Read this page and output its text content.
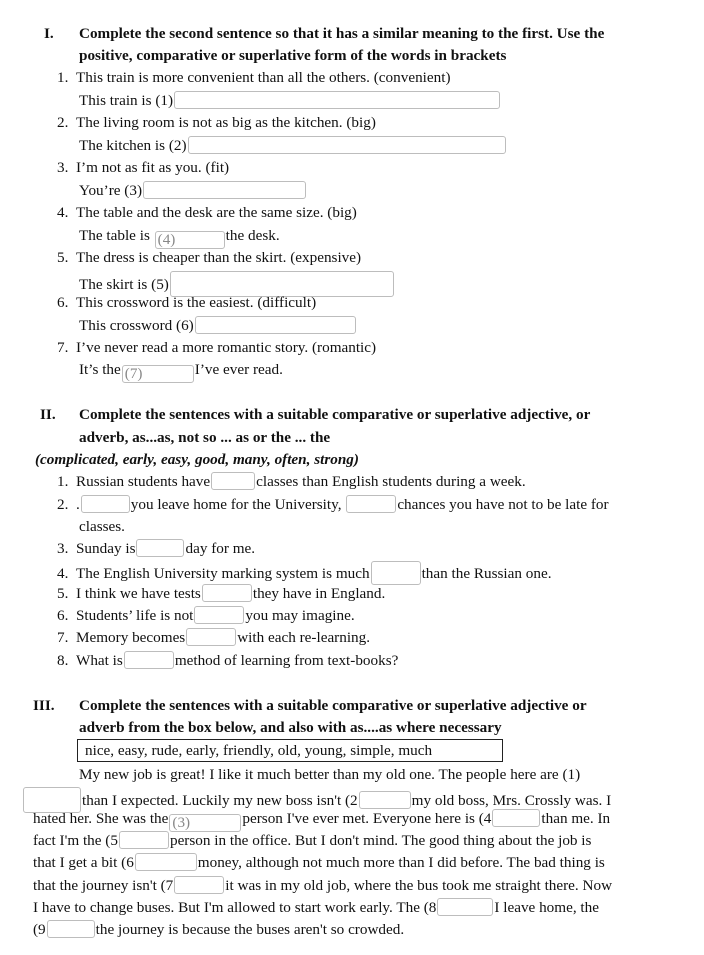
I. Complete the second sentence so that it has a similar meaning to the first. Use the
positive, comparative or superlative form of the words in brackets
1. This train is more convenient than all the others. (convenient)
This train is (1)
2. The living room is not as big as the kitchen. (big)
The kitchen is (2)
3. I’m not as fit as you. (fit)
You’re (3)
4. The table and the desk are the same size. (big)
The table is (4)	the desk.
5. The dress is cheaper than the skirt. (expensive)
The skirt is (5)
6. This crossword is the easiest. (difficult)
This crossword (6)
7. I’ve never read a more romantic story. (romantic)
It’s the (7)	I’ve ever read.
II. Complete the sentences with a suitable comparative or superlative adjective, or
adverb, as...as, not so ... as or the ... the
(complicated, early, easy, good, many, often, strong)
1. Russian students have	classes than English students during a week.
2. .	you leave home for the University,	chances you have not to be late for
classes.
3. Sunday is	day for me.
4. The English University marking system is much	than the Russian one.
5. I think we have tests	they have in England.
6. Students’ life is not	you may imagine.
7. Memory becomes	with each re-learning.
8. What is	method of learning from text-books?
III. Complete the sentences with a suitable comparative or superlative adjective or
adverb from the box below, and also with as....as where necessary
nice, easy, rude, early, friendly, old, young, simple, much
My new job is great! I like it much better than my old one. The people here are (1)
than I expected. Luckily my new boss isn't (2	my old boss, Mrs. Crossly was. I
hated her. She was the (3)	person I've ever met. Everyone here is (4	than me. In
fact I'm the (5	person in the office. But I don't mind. The good thing about the job is
that I get a bit (6	money, although not much more than I did before. The bad thing is
that the journey isn't (7	it was in my old job, where the bus took me straight there. Now
I have to change buses. But I'm allowed to start work early. The (8	I leave home, the
(9	the journey is because the buses aren't so crowded.
